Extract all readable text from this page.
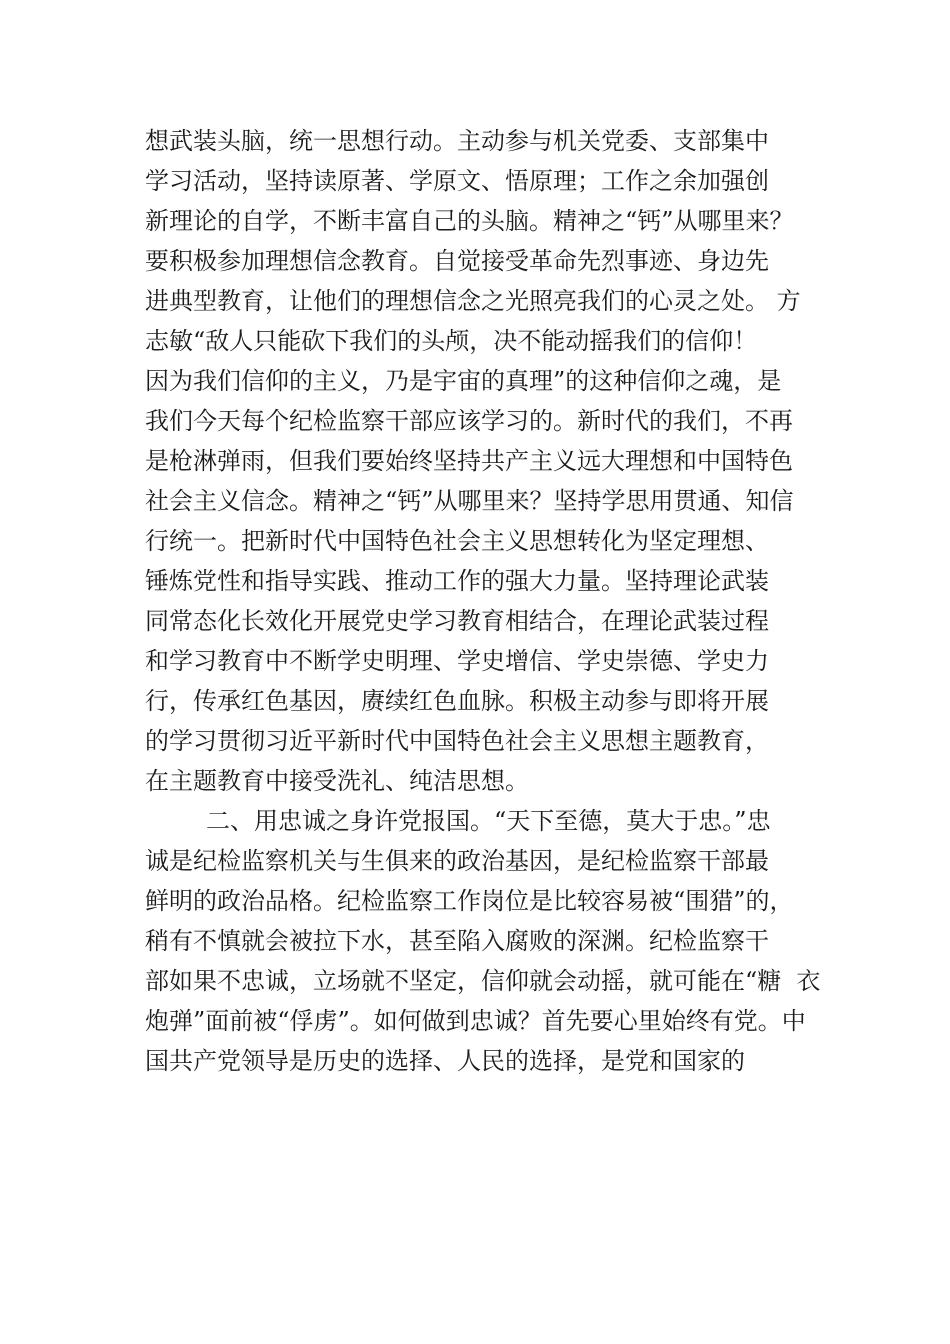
想武装头脑，统一思想行动。主动参与机关党委、支部集中
学习活动，坚持读原著、学原文、悟原理；工作之余加强创
新理论的自学，不断丰富自己的头脑。精神之“钙”从哪里来？
要积极参加理想信念教育。自觉接受革命先烈事迹、身边先
进典型教育，让他们的理想信念之光照亮我们的心灵之处。 方
志敏“敌人只能砍下我们的头颅，决不能动摇我们的信仰！
因为我们信仰的主义，乃是宇宙的真理”的这种信仰之魂，是
我们今天每个纪检监察干部应该学习的。新时代的我们，不再
是枪淋弹雨，但我们要始终坚持共产主义远大理想和中国特色
社会主义信念。精神之“钙”从哪里来？坚持学思用贯通、知信
行统一。把新时代中国特色社会主义思想转化为坚定理想、
锤炼党性和指导实践、推动工作的强大力量。坚持理论武装
同常态化长效化开展党史学习教育相结合，在理论武装过程
和学习教育中不断学史明理、学史增信、学史崇德、学史力
行，传承红色基因，赓续红色血脉。积极主动参与即将开展
的学习贯彻习近平新时代中国特色社会主义思想主题教育，
在主题教育中接受洗礼、纯洁思想。
二、用忠诚之身许党报国。“天下至德，莫大于忠。”忠
诚是纪检监察机关与生俱来的政治基因，是纪检监察干部最
鲜明的政治品格。纪检监察工作岗位是比较容易被“围猎”的，
稍有不慎就会被拉下水，甚至陷入腐败的深渊。纪检监察干
部如果不忠诚，立场就不坚定，信仰就会动摇，就可能在“糖  衣
炮弹”面前被“俘虏”。如何做到忠诚？首先要心里始终有党。中
国共产党领导是历史的选择、人民的选择，是党和国家的
